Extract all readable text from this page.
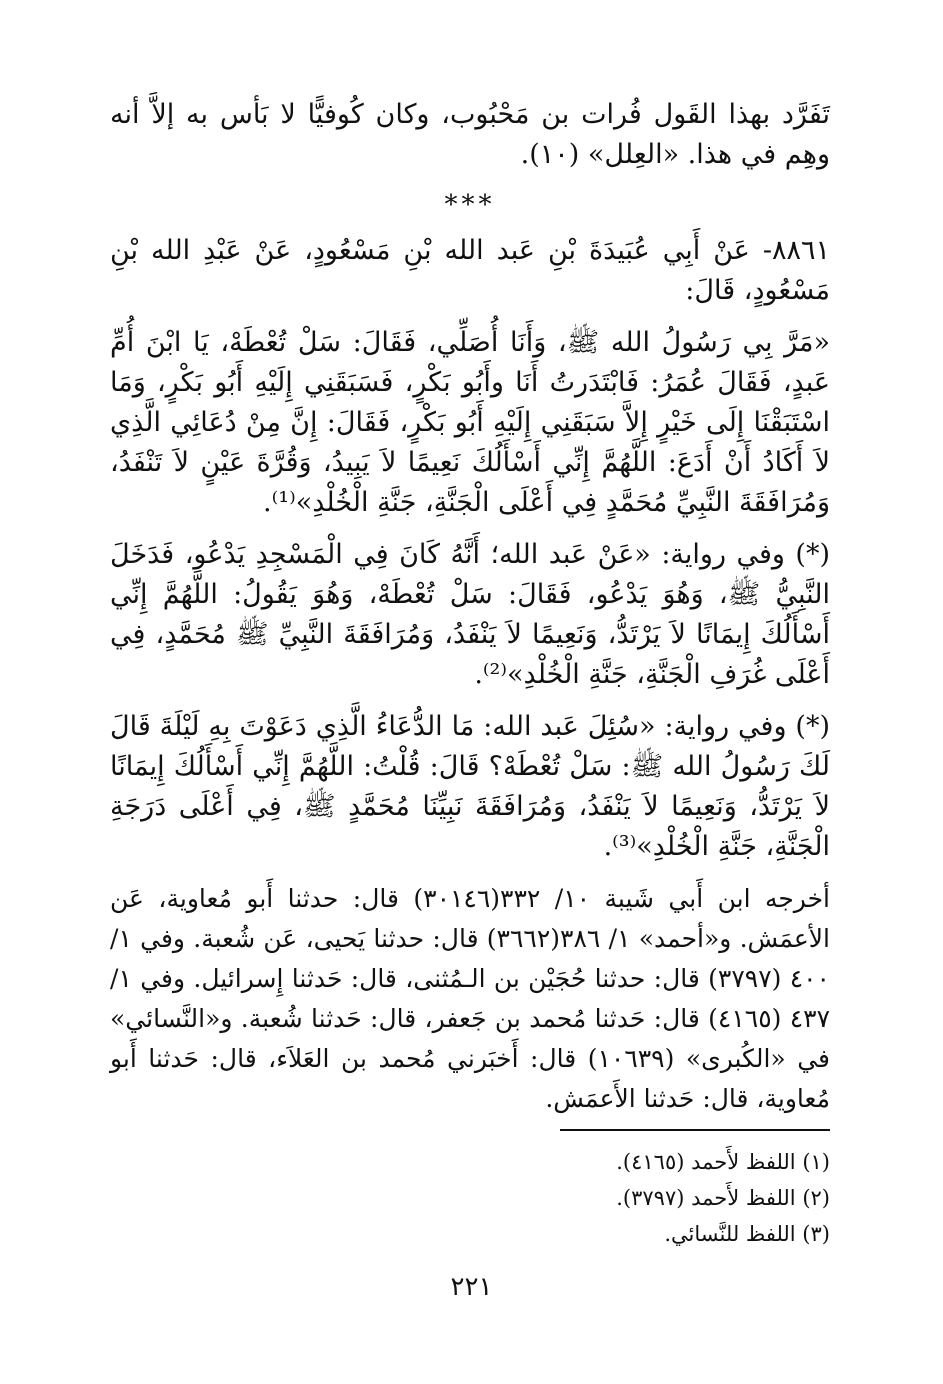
تَفَرَّد بهذا القَول فُرات بن مَحْبُوب، وكان كُوفيًّا لا بَأس به إلاَّ أنه وهِم في هذا. «العِلل» (١٠).

***

٨٨٦١- عَنْ أَبِي عُبَيدَةَ بْنِ عَبد الله بْنِ مَسْعُودٍ، عَنْ عَبْدِ الله بْنِ مَسْعُودٍ، قَالَ:

«مَرَّ بِي رَسُولُ الله ﷺ، وَأَنَا أُصَلِّي، فَقَالَ: سَلْ تُعْطَهْ، يَا ابْنَ أُمِّ عَبدٍ، فَقَالَ عُمَرُ: فَابْتَدَرتُ أَنَا وأَبُو بَكْرٍ، فَسَبَقَنِي إِلَيْهِ أَبُو بَكْرٍ، وَمَا اسْتَبَقْنَا إِلَى خَيْرٍ إِلاَّ سَبَقَنِي إِلَيْهِ أَبُو بَكْرٍ، فَقَالَ: إِنَّ مِنْ دُعَائِي الَّذِي لاَ أَكَادُ أَنْ أَدَعَ: اللَّهُمَّ إِنِّي أَسْأَلُكَ نَعِيمًا لاَ يَبِيدُ، وَقُرَّةَ عَيْنٍ لاَ تَنْفَدُ، وَمُرَافَقَةَ النَّبِيِّ مُحَمَّدٍ فِي أَعْلَى الْجَنَّةِ، جَنَّةِ الْخُلْدِ»⁽¹⁾.

(*) وفي رواية: «عَنْ عَبد الله؛ أَنَّهُ كَانَ فِي الْمَسْجِدِ يَدْعُو، فَدَخَلَ النَّبِيُّ ﷺ، وَهُوَ يَدْعُو، فَقَالَ: سَلْ تُعْطَهْ، وَهُوَ يَقُولُ: اللَّهُمَّ إِنِّي أَسْأَلُكَ إِيمَانًا لاَ يَرْتَدُّ، وَنَعِيمًا لاَ يَنْفَدُ، وَمُرَافَقَةَ النَّبِيِّ ﷺ مُحَمَّدٍ، فِي أَعْلَى غُرَفِ الْجَنَّةِ، جَنَّةِ الْخُلْدِ»⁽²⁾.

(*) وفي رواية: «سُئِلَ عَبد الله: مَا الدُّعَاءُ الَّذِي دَعَوْتَ بِهِ لَيْلَةَ قَالَ لَكَ رَسُولُ الله ﷺ: سَلْ تُعْطَهْ؟ قَالَ: قُلْتُ: اللَّهُمَّ إِنِّي أَسْأَلُكَ إِيمَانًا لاَ يَرْتَدُّ، وَنَعِيمًا لاَ يَنْفَدُ، وَمُرَافَقَةَ نَبِيِّنَا مُحَمَّدٍ ﷺ، فِي أَعْلَى دَرَجَةِ الْجَنَّةِ، جَنَّةِ الْخُلْدِ»⁽³⁾.

أخرجه ابن أَبي شَيبة ١٠/ ٣٣٢(٣٠١٤٦) قال: حدثنا أَبو مُعاوية، عَن الأعمَش. و«أحمد» ١/ ٣٨٦(٣٦٦٢) قال: حدثنا يَحيى، عَن شُعبة. وفي ١/ ٤٠٠ (٣٧٩٧) قال: حدثنا حُجَيْن بن الـمُثنى، قال: حَدثنا إِسرائيل. وفي ١/ ٤٣٧ (٤١٦٥) قال: حَدثنا مُحمد بن جَعفر، قال: حَدثنا شُعبة. و«النَّسائي» في «الكُبرى» (١٠٦٣٩) قال: أَخبَرني مُحمد بن العَلاَء، قال: حَدثنا أَبو مُعاوية، قال: حَدثنا الأَعمَش.

(١) اللفظ لأَحمد (٤١٦٥).

(٢) اللفظ لأَحمد (٣٧٩٧).

(٣) اللفظ للنَّسائي.

٢٢١
